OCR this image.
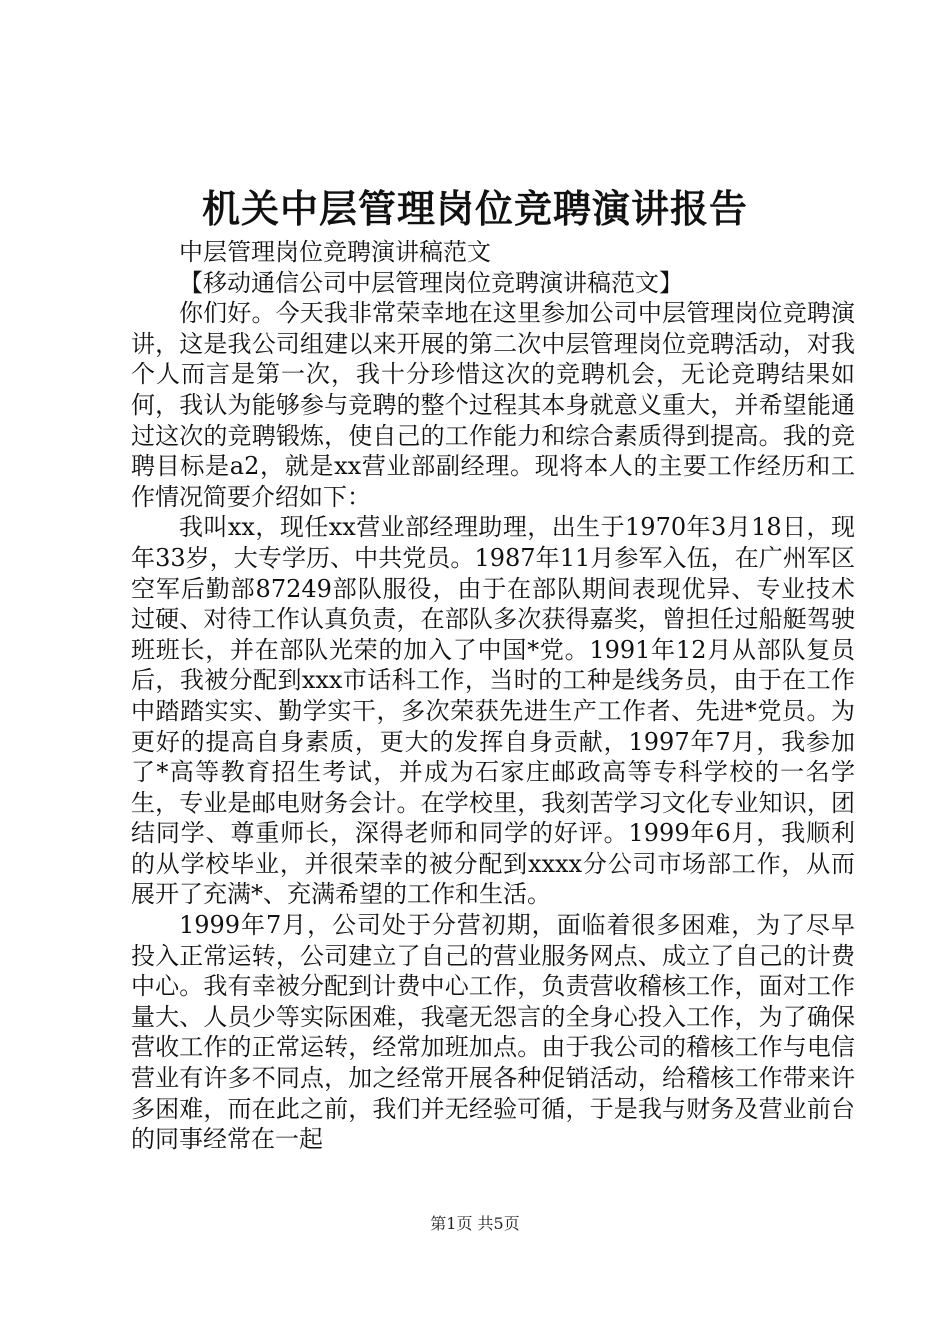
机关中层管理岗位竞聘演讲报告

中层管理岗位竞聘演讲稿范文

【移动通信公司中层管理岗位竞聘演讲稿范文】

你们好。今天我非常荣幸地在这里参加公司中层管理岗位竞聘演讲，这是我公司组建以来开展的第二次中层管理岗位竞聘活动，对我个人而言是第一次，我十分珍惜这次的竞聘机会，无论竞聘结果如何，我认为能够参与竞聘的整个过程其本身就意义重大，并希望能通过这次的竞聘锻炼，使自己的工作能力和综合素质得到提高。我的竞聘目标是a2，就是xx营业部副经理。现将本人的主要工作经历和工作情况简要介绍如下：

我叫xx，现任xx营业部经理助理，出生于1970年3月18日，现年33岁，大专学历、中共党员。1987年11月参军入伍，在广州军区空军后勤部87249部队服役，由于在部队期间表现优异、专业技术过硬、对待工作认真负责，在部队多次获得嘉奖，曾担任过船艇驾驶班班长，并在部队光荣的加入了中国*党。1991年12月从部队复员后，我被分配到xxx市话科工作，当时的工种是线务员，由于在工作中踏踏实实、勤学实干，多次荣获先进生产工作者、先进*党员。为更好的提高自身素质，更大的发挥自身贡献，1997年7月，我参加了*高等教育招生考试，并成为石家庄邮政高等专科学校的一名学生，专业是邮电财务会计。在学校里，我刻苦学习文化专业知识，团结同学、尊重师长，深得老师和同学的好评。1999年6月，我顺利的从学校毕业，并很荣幸的被分配到xxxx分公司市场部工作，从而展开了充满*、充满希望的工作和生活。

1999年7月，公司处于分营初期，面临着很多困难，为了尽早投入正常运转，公司建立了自己的营业服务网点、成立了自己的计费中心。我有幸被分配到计费中心工作，负责营收稽核工作，面对工作量大、人员少等实际困难，我毫无怨言的全身心投入工作，为了确保营收工作的正常运转，经常加班加点。由于我公司的稽核工作与电信营业有许多不同点，加之经常开展各种促销活动，给稽核工作带来许多困难，而在此之前，我们并无经验可循，于是我与财务及营业前台的同事经常在一起

第1页 共5页
